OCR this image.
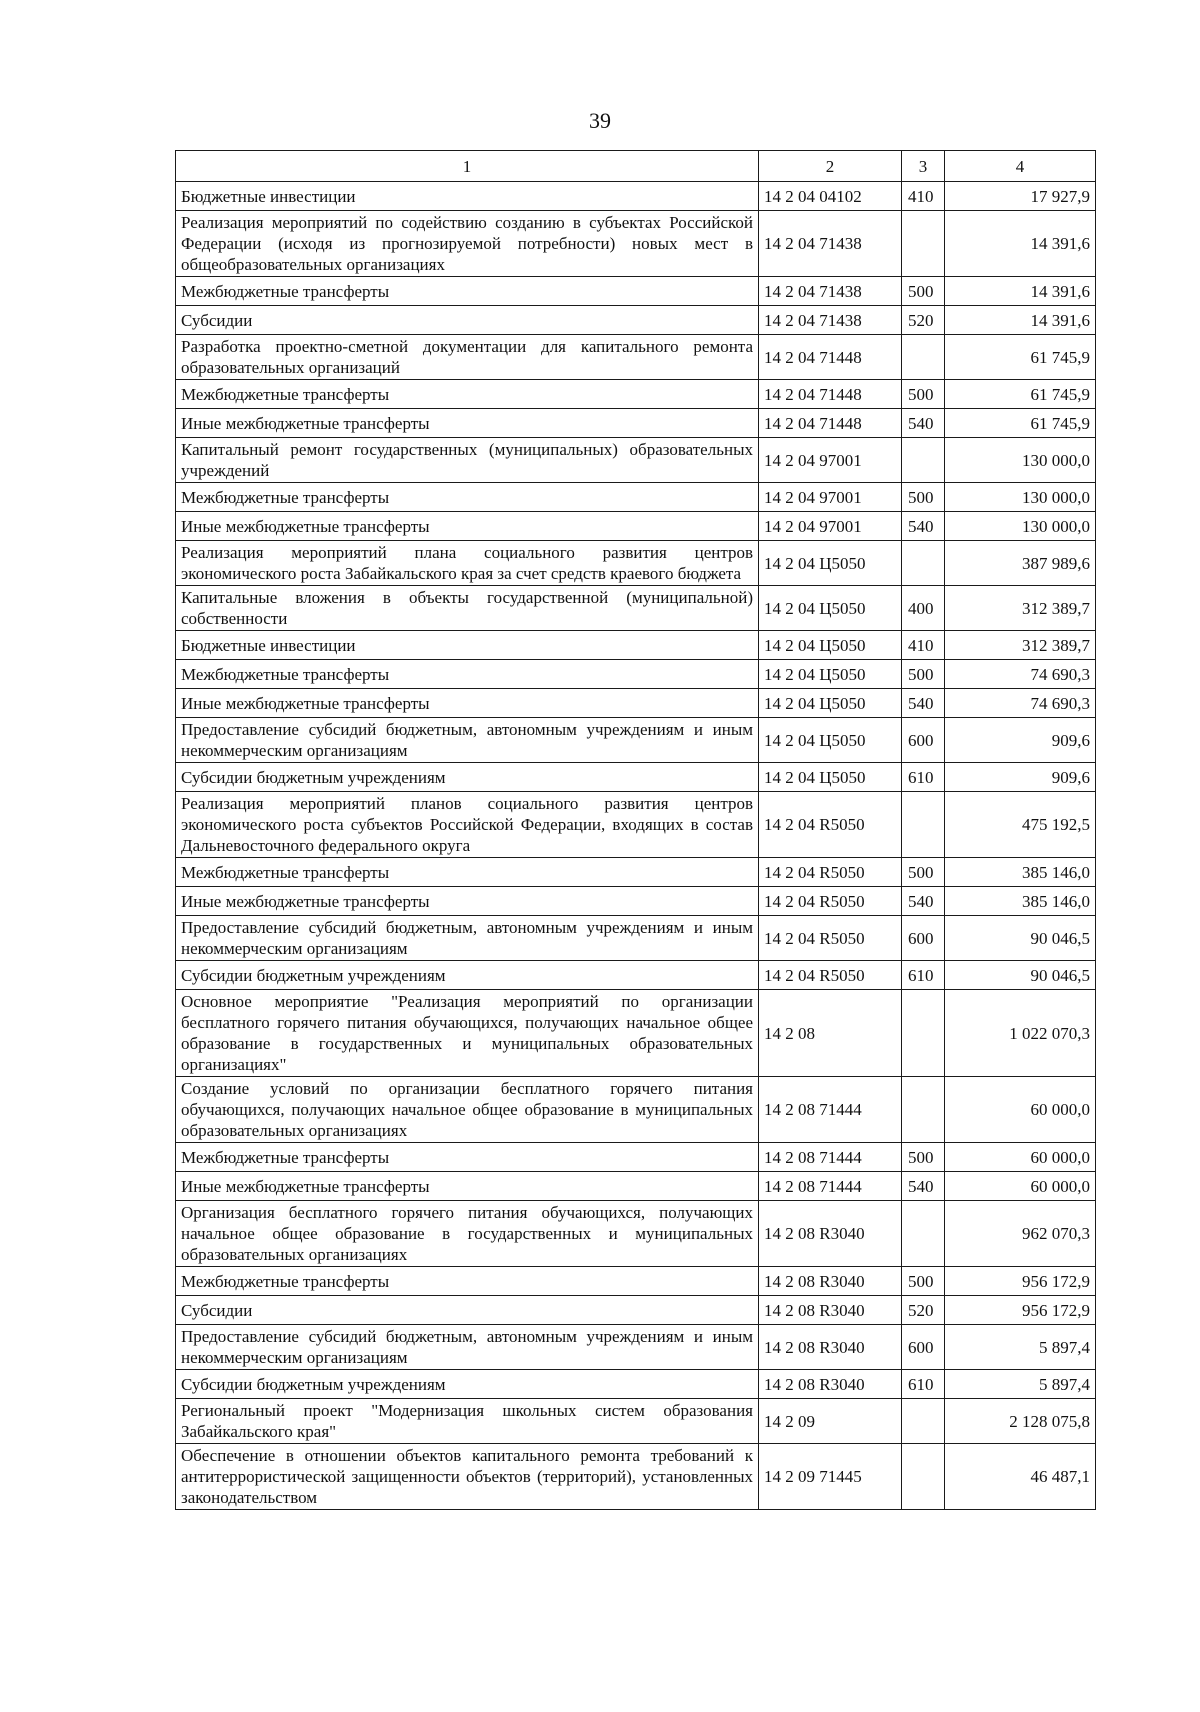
39
1	2	3	4
Бюджетные инвестиции	14 2 04 04102	410	17 927,9
Реализация мероприятий по содействию созданию в субъектах Российской Федерации (исходя из прогнозируемой потребности) новых мест в общеобразовательных организациях	14 2 04 71438		14 391,6
Межбюджетные трансферты	14 2 04 71438	500	14 391,6
Субсидии	14 2 04 71438	520	14 391,6
Разработка проектно-сметной документации для капитального ремонта образовательных организаций	14 2 04 71448		61 745,9
Межбюджетные трансферты	14 2 04 71448	500	61 745,9
Иные межбюджетные трансферты	14 2 04 71448	540	61 745,9
Капитальный ремонт государственных (муниципальных) образовательных учреждений	14 2 04 97001		130 000,0
Межбюджетные трансферты	14 2 04 97001	500	130 000,0
Иные межбюджетные трансферты	14 2 04 97001	540	130 000,0
Реализация мероприятий плана социального развития центров экономического роста Забайкальского края за счет средств краевого бюджета	14 2 04 Ц5050		387 989,6
Капитальные вложения в объекты государственной (муниципальной) собственности	14 2 04 Ц5050	400	312 389,7
Бюджетные инвестиции	14 2 04 Ц5050	410	312 389,7
Межбюджетные трансферты	14 2 04 Ц5050	500	74 690,3
Иные межбюджетные трансферты	14 2 04 Ц5050	540	74 690,3
Предоставление субсидий бюджетным, автономным учреждениям и иным некоммерческим организациям	14 2 04 Ц5050	600	909,6
Субсидии бюджетным учреждениям	14 2 04 Ц5050	610	909,6
Реализация мероприятий планов социального развития центров экономического роста субъектов Российской Федерации, входящих в состав Дальневосточного федерального округа	14 2 04 R5050		475 192,5
Межбюджетные трансферты	14 2 04 R5050	500	385 146,0
Иные межбюджетные трансферты	14 2 04 R5050	540	385 146,0
Предоставление субсидий бюджетным, автономным учреждениям и иным некоммерческим организациям	14 2 04 R5050	600	90 046,5
Субсидии бюджетным учреждениям	14 2 04 R5050	610	90 046,5
Основное мероприятие "Реализация мероприятий по организации бесплатного горячего питания обучающихся, получающих начальное общее образование в государственных и муниципальных образовательных организациях"	14 2 08		1 022 070,3
Создание условий по организации бесплатного горячего питания обучающихся, получающих начальное общее образование в муниципальных образовательных организациях	14 2 08 71444		60 000,0
Межбюджетные трансферты	14 2 08 71444	500	60 000,0
Иные межбюджетные трансферты	14 2 08 71444	540	60 000,0
Организация бесплатного горячего питания обучающихся, получающих начальное общее образование в государственных и муниципальных образовательных организациях	14 2 08 R3040		962 070,3
Межбюджетные трансферты	14 2 08 R3040	500	956 172,9
Субсидии	14 2 08 R3040	520	956 172,9
Предоставление субсидий бюджетным, автономным учреждениям и иным некоммерческим организациям	14 2 08 R3040	600	5 897,4
Субсидии бюджетным учреждениям	14 2 08 R3040	610	5 897,4
Региональный проект "Модернизация школьных систем образования Забайкальского края"	14 2 09		2 128 075,8
Обеспечение в отношении объектов капитального ремонта требований к антитеррористической защищенности объектов (территорий), установленных законодательством	14 2 09 71445		46 487,1
